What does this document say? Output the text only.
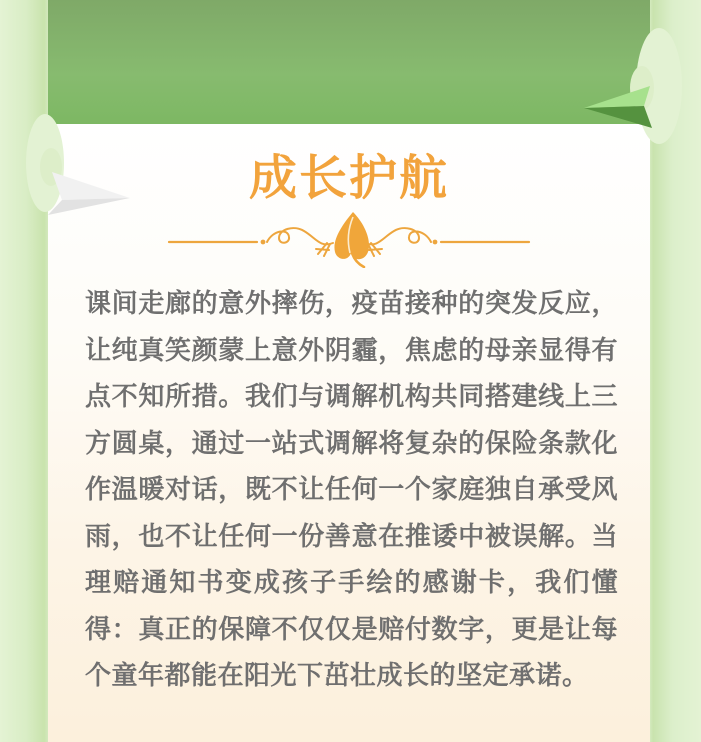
成长护航

课间走廊的意外摔伤，疫苗接种的突发反应，让纯真笑颜蒙上意外阴霾，焦虑的母亲显得有点不知所措。我们与调解机构共同搭建线上三方圆桌，通过一站式调解将复杂的保险条款化作温暖对话，既不让任何一个家庭独自承受风雨，也不让任何一份善意在推诿中被误解。当理赔通知书变成孩子手绘的感谢卡，我们懂得：真正的保障不仅仅是赔付数字，更是让每个童年都能在阳光下茁壮成长的坚定承诺。
